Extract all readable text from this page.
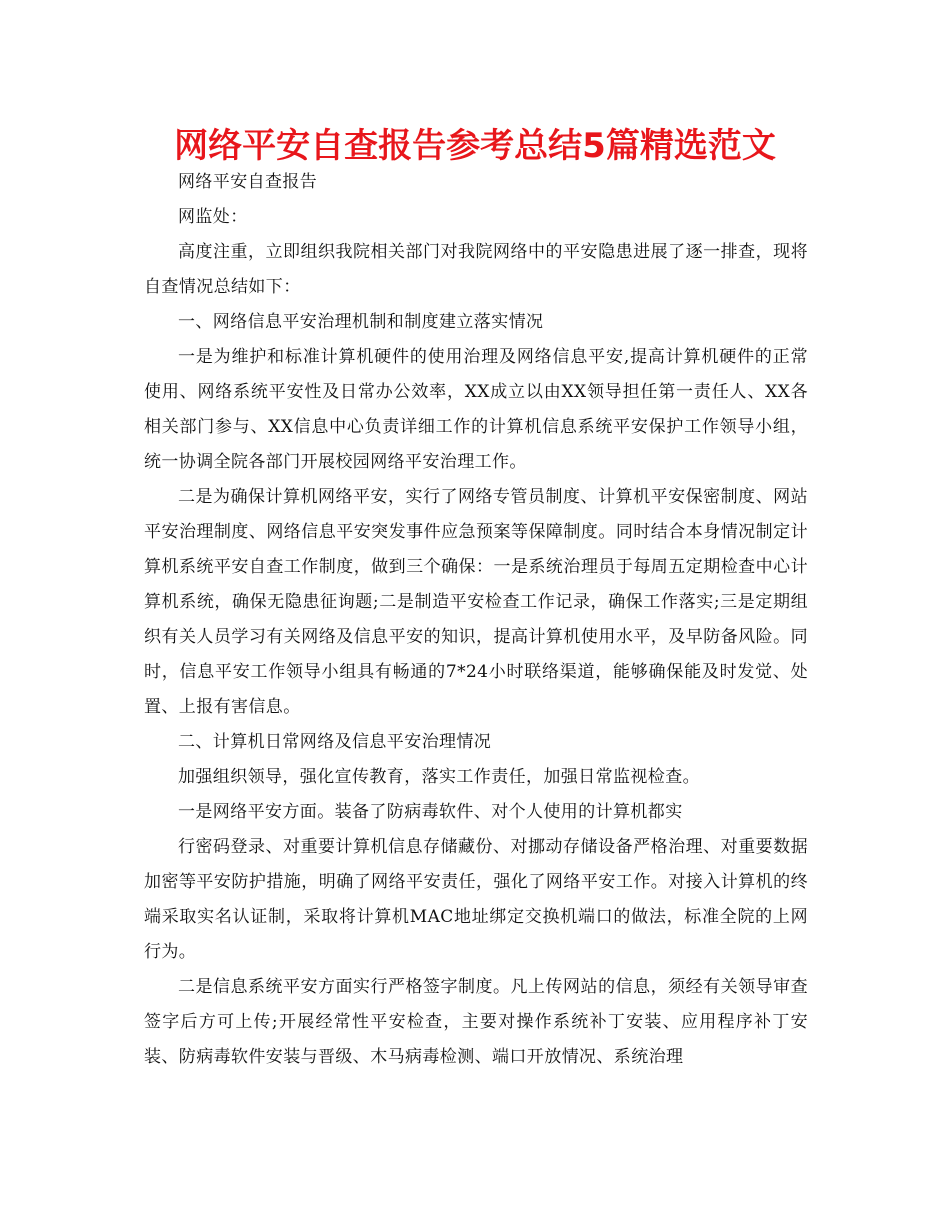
网络平安自查报告参考总结5篇精选范文

网络平安自查报告

网监处：

高度注重，立即组织我院相关部门对我院网络中的平安隐患进展了逐一排查，现将自查情况总结如下：

一、网络信息平安治理机制和制度建立落实情况

一是为维护和标准计算机硬件的使用治理及网络信息平安,提高计算机硬件的正常使用、网络系统平安性及日常办公效率，XX成立以由XX领导担任第一责任人、XX各相关部门参与、XX信息中心负责详细工作的计算机信息系统平安保护工作领导小组，统一协调全院各部门开展校园网络平安治理工作。

二是为确保计算机网络平安，实行了网络专管员制度、计算机平安保密制度、网站平安治理制度、网络信息平安突发事件应急预案等保障制度。同时结合本身情况制定计算机系统平安自查工作制度，做到三个确保：一是系统治理员于每周五定期检查中心计算机系统，确保无隐患征询题;二是制造平安检查工作记录，确保工作落实;三是定期组织有关人员学习有关网络及信息平安的知识，提高计算机使用水平，及早防备风险。同时，信息平安工作领导小组具有畅通的7*24小时联络渠道，能够确保能及时发觉、处置、上报有害信息。

二、计算机日常网络及信息平安治理情况

加强组织领导，强化宣传教育，落实工作责任，加强日常监视检查。

一是网络平安方面。装备了防病毒软件、对个人使用的计算机都实

行密码登录、对重要计算机信息存储藏份、对挪动存储设备严格治理、对重要数据加密等平安防护措施，明确了网络平安责任，强化了网络平安工作。对接入计算机的终端采取实名认证制，采取将计算机MAC地址绑定交换机端口的做法，标准全院的上网行为。

二是信息系统平安方面实行严格签字制度。凡上传网站的信息，须经有关领导审查签字后方可上传;开展经常性平安检查，主要对操作系统补丁安装、应用程序补丁安装、防病毒软件安装与晋级、木马病毒检测、端口开放情况、系统治理
